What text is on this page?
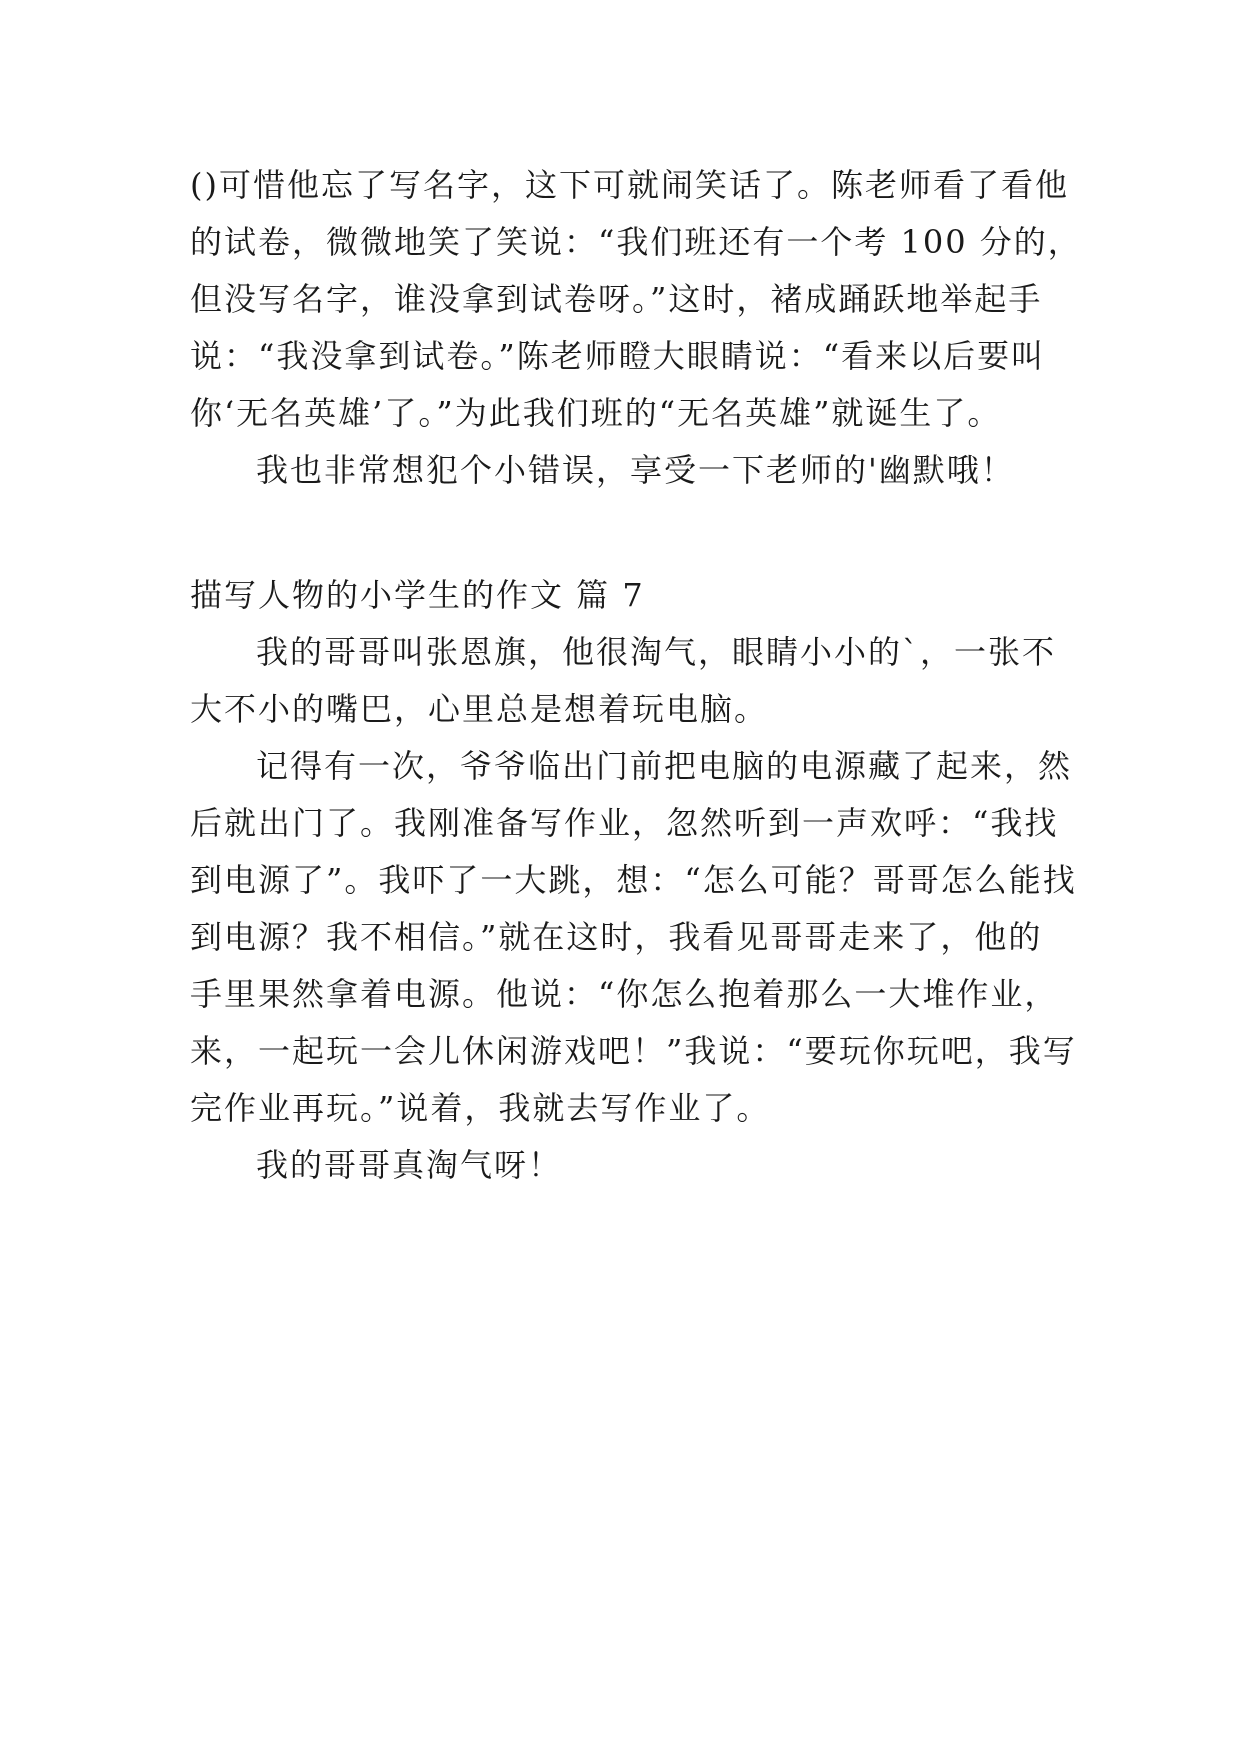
()可惜他忘了写名字，这下可就闹笑话了。陈老师看了看他
的试卷，微微地笑了笑说：“我们班还有一个考 100 分的，
但没写名字，谁没拿到试卷呀。”这时，褚成踊跃地举起手
说：“我没拿到试卷。”陈老师瞪大眼睛说：“看来以后要叫
你‘无名英雄’了。”为此我们班的“无名英雄”就诞生了。
我也非常想犯个小错误，享受一下老师的'幽默哦！
描写人物的小学生的作文 篇 7
我的哥哥叫张恩旗，他很淘气，眼睛小小的`，一张不
大不小的嘴巴，心里总是想着玩电脑。
记得有一次，爷爷临出门前把电脑的电源藏了起来，然
后就出门了。我刚准备写作业，忽然听到一声欢呼：“我找
到电源了”。我吓了一大跳，想：“怎么可能？哥哥怎么能找
到电源？我不相信。”就在这时，我看见哥哥走来了，他的
手里果然拿着电源。他说：“你怎么抱着那么一大堆作业，
来，一起玩一会儿休闲游戏吧！”我说：“要玩你玩吧，我写
完作业再玩。”说着，我就去写作业了。
我的哥哥真淘气呀！
